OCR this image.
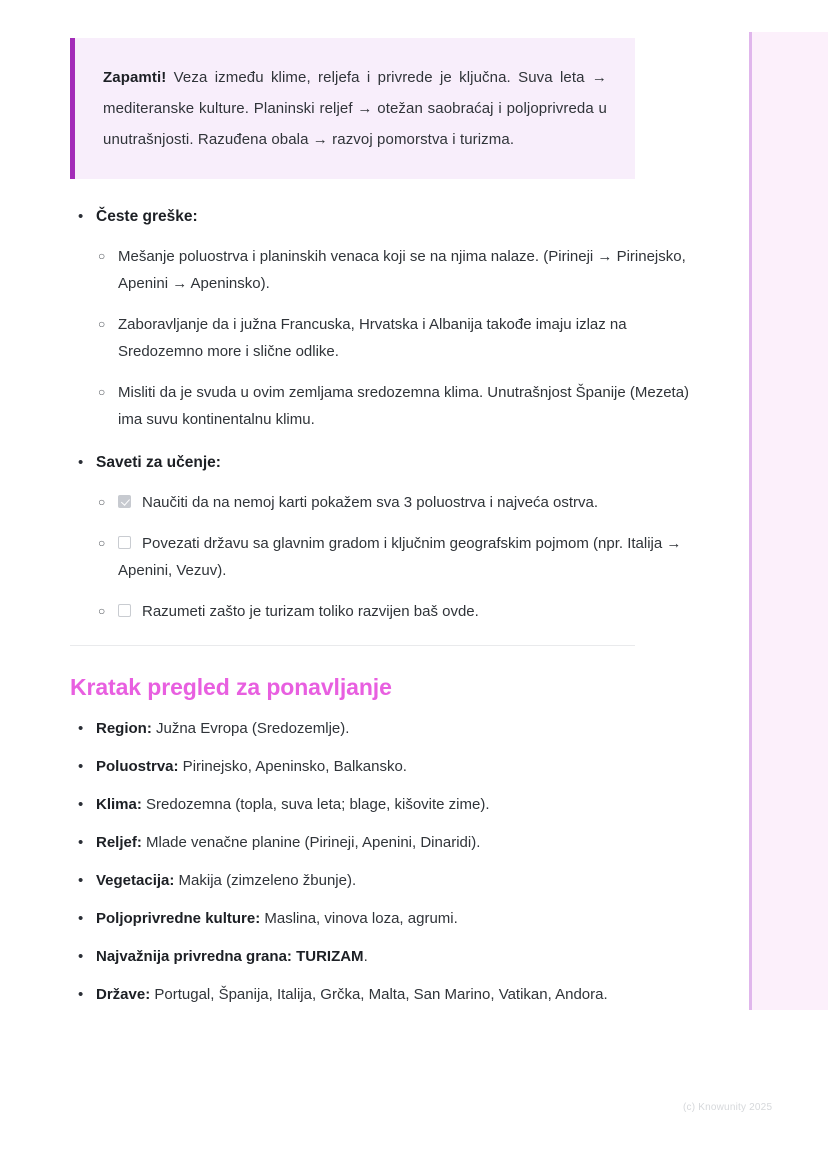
Zapamti! Veza između klime, reljefa i privrede je ključna. Suva leta → mediteranske kulture. Planinski reljef → otežan saobraćaj i poljoprivreda u unutrašnjosti. Razuđena obala → razvoj pomorstva i turizma.

• Česte greške:
○ Mešanje poluostrva i planinskih venaca koji se na njima nalaze. (Pirineji → Pirinejsko, Apenini → Apeninsko).
○ Zaboravljanje da i južna Francuska, Hrvatska i Albanija takođe imaju izlaz na Sredozemno more i slične odlike.
○ Misliti da je svuda u ovim zemljama sredozemna klima. Unutrašnjost Španije (Mezeta) ima suvu kontinentalnu klimu.
• Saveti za učenje:
○ Naučiti da na nemoj karti pokažem sva 3 poluostrva i najveća ostrva.
○ Povezati državu sa glavnim gradom i ključnim geografskim pojmom (npr. Italija → Apenini, Vezuv).
○ Razumeti zašto je turizam toliko razvijen baš ovde.
Kratak pregled za ponavljanje
• Region: Južna Evropa (Sredozemlje).
• Poluostrva: Pirinejsko, Apeninsko, Balkansko.
• Klima: Sredozemna (topla, suva leta; blage, kišovite zime).
• Reljef: Mlade venačne planine (Pirineji, Apenini, Dinaridi).
• Vegetacija: Makija (zimzeleno žbunje).
• Poljoprivredne kulture: Maslina, vinova loza, agrumi.
• Najvažnija privredna grana: TURIZAM.
• Države: Portugal, Španija, Italija, Grčka, Malta, San Marino, Vatikan, Andora.
(c) Knowunity 2025
